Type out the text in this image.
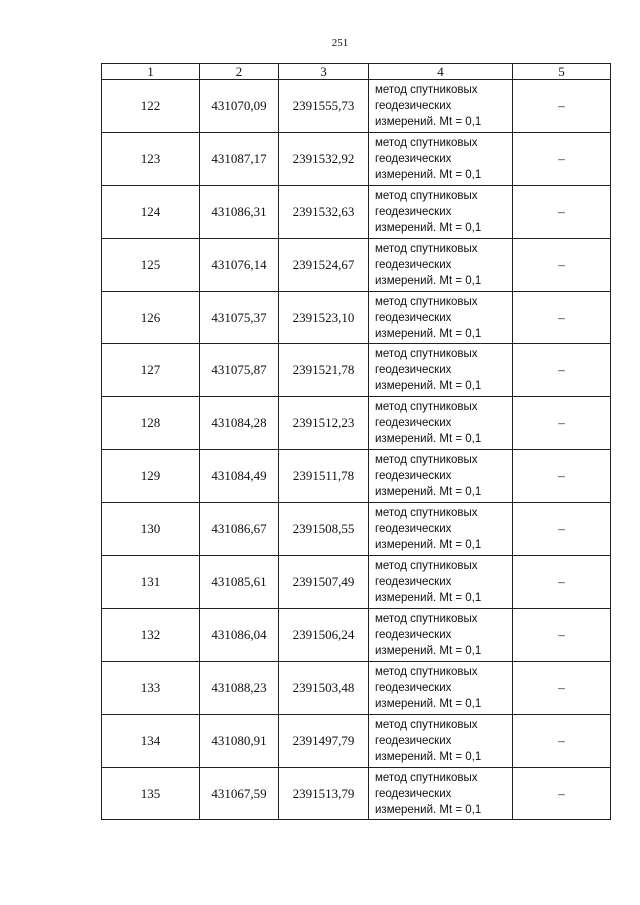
251
1	2	3	4	5
122	431070,09	2391555,73	метод спутниковых
геодезических
измерений. Mt = 0,1	–
123	431087,17	2391532,92	метод спутниковых
геодезических
измерений. Mt = 0,1	–
124	431086,31	2391532,63	метод спутниковых
геодезических
измерений. Mt = 0,1	–
125	431076,14	2391524,67	метод спутниковых
геодезических
измерений. Mt = 0,1	–
126	431075,37	2391523,10	метод спутниковых
геодезических
измерений. Mt = 0,1	–
127	431075,87	2391521,78	метод спутниковых
геодезических
измерений. Mt = 0,1	–
128	431084,28	2391512,23	метод спутниковых
геодезических
измерений. Mt = 0,1	–
129	431084,49	2391511,78	метод спутниковых
геодезических
измерений. Mt = 0,1	–
130	431086,67	2391508,55	метод спутниковых
геодезических
измерений. Mt = 0,1	–
131	431085,61	2391507,49	метод спутниковых
геодезических
измерений. Mt = 0,1	–
132	431086,04	2391506,24	метод спутниковых
геодезических
измерений. Mt = 0,1	–
133	431088,23	2391503,48	метод спутниковых
геодезических
измерений. Mt = 0,1	–
134	431080,91	2391497,79	метод спутниковых
геодезических
измерений. Mt = 0,1	–
135	431067,59	2391513,79	метод спутниковых
геодезических
измерений. Mt = 0,1	–
